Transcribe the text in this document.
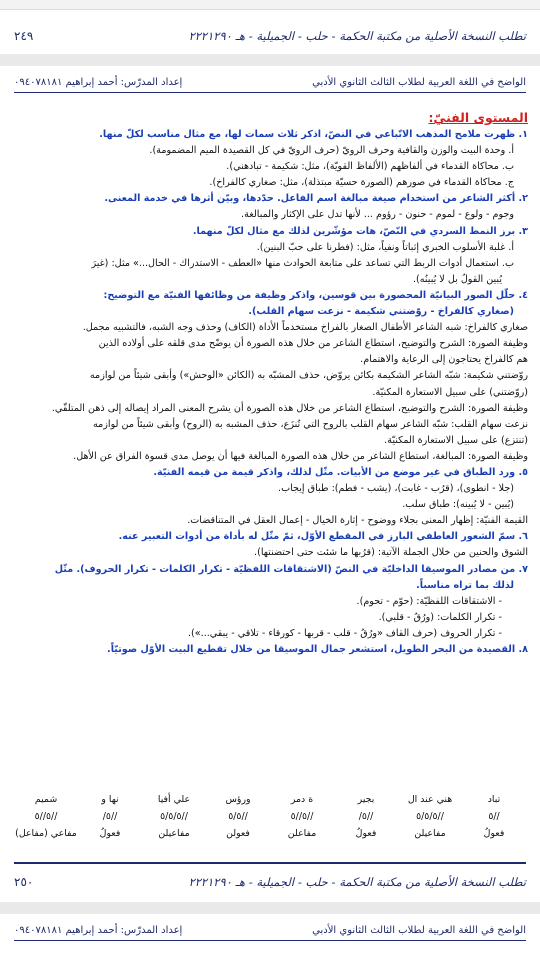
تطلب النسخة الأصلية من مكتبة الحكمة - حلب - الجميلية - هـ ٢٢٢١٢٩٠
٢٤٩
الواضح في اللغة العربية لطلاب الثالث الثانوي الأدبي
إعداد المدرّس: أحمد إبراهيم ٠٩٤٠٧٨١٨١
المستوى الفنيّ:
١. ظهرت ملامح المذهب الاتّباعي في النصّ، اذكر ثلاث سمات لها، مع مثال مناسب لكلّ منها.
أ. وحدة البيت والوزن والقافية وحرف الرويّ (حرف الرويّ في كل القصيدة الميم المضمومة).
ب. محاكاة القدماء في ألفاظهم (الألفاظ القويّة)، مثل: شكيمة - تبادهني).
ج. محاكاة القدماء في صورهم (الصورة حسيّة مبتذلة)، مثل: صغاري كالفراخ).
٢. أكثر الشاعر من استخدام صيغة مبالغة اسم الفاعل. حدّدها، وبيّن أثرها في خدمة المعنى.
وجوم - ولوع - لموم - حنون - رؤوم ... لأنها تدل على الإكثار والمبالغة.
٣. برز النمط السردي في النّصّ، هات مؤشّرين لذلك مع مثال لكلّ منهما.
أ. غلبة الأسلوب الخبري إثباتاً ونفياً، مثل: (فطرنا على حبّ البنين).
ب. استعمال أدوات الربط التي تساعد على متابعة الحوادث منها «العطف - الاستدراك - الحال...» مثل: (غيرَ
يُبين القولُ بل لا يُبينُه).
٤. حلّل الصور البيانيّة المحصورة بين قوسين، واذكر وظيفة من وظائفها الفنيّة مع التوضيح:
(صغاري كالفراخ - روّضتني شكيمة - نزعت سهام القلب).
صغاري كالفراخ: شبه الشاعر الأطفال الصغار بالفراخ مستخدماً الأداة (الكاف) وحذف وجه الشبه، فالتشبيه مجمل.
وظيفة الصورة: الشرح والتوضيح، استطاع الشاعر من خلال هذه الصورة أن يوضّح مدى قلقه على أولاده الذين
هم كالفراخ يحتاجون إلى الرعاية والاهتمام.
روّضتني شكيمة: شبّه الشاعر الشكيمة بكائن يروّض، حذف المشبّه به (الكائن «الوحش») وأبقى شيئاً من لوازمه
(روّضتني) على سبيل الاستعارة المكنيّة.
وظيفة الصورة: الشرح والتوضيح، استطاع الشاعر من خلال هذه الصورة أن يشرح المعنى المراد إيصاله إلى ذهن المتلقّي.
نزعت سهام القلب: شبّه الشاعر سهام القلب بالروح التي تُنزَع، حذف المشبه به (الروح) وأبقى شيئاً من لوازمه
(تنتزع) على سبيل الاستعارة المكنيّة.
وظيفة الصورة: المبالغة، استطاع الشاعر من خلال هذه الصورة المبالغة فيها أن يوصل مدى قسوة الفراق عن الأهل.
٥. ورد الطباق في غير موضع من الأبيات. مثّل لذلك، واذكر قيمة من قيمه الفنيّة.
(جلا - انطوى)، (قرُب - غابت)، (يشب - فطم): طباق إيجاب.
(يُبين - لا يُبينه): طباق سلب.
القيمة الفنيّة: إظهار المعنى بجلاء ووضوح - إثارة الخيال - إعمال العقل في المتناقضات.
٦. سمّ الشعور العاطفي البارز في المقطع الأوّل، ثمّ مثّل له بأداة من أدوات التعبير عنه.
الشوق والحنين من خلال الجملة الآتية: (قرُبها ما شئت حتى احتضنتها).
٧. من مصادر الموسيقا الداخليّة في النصّ (الاشتقاقات اللفظيّة - تكرار الكلمات - تكرار الحروف). مثّل
لذلك بما تراه مناسباً.
- الاشتقاقات اللفظيّة: (حوّم - تحوم).
- تكرار الكلمات: (ورُقُ - قلبي).
- تكرار الحروف (حرف القاف «ورُقُ - قلب - قربها - كورقاء - تلاقي - يبقي...»).
٨. القصيدة من البحر الطويل، استشعر جمال الموسيقا من خلال تقطيع البيت الأوّل صوتيّاً.
تباد
هني عند ال
بجير
ة دمر
ورؤس
علي أفيا
نها و
شميم
//٥
//٥/٥/٥
//٥/
//٥//٥
//٥/٥
//٥/٥/٥
//٥/
//٥//٥
فعولُ
مفاعيلن
فعولُ
مفاعلن
فعولن
مفاعيلن
فعولُ
مفاعي (مفاعل)
تطلب النسخة الأصلية من مكتبة الحكمة - حلب - الجميلية - هـ ٢٢٢١٢٩٠
٢٥٠
الواضح في اللغة العربية لطلاب الثالث الثانوي الأدبي
إعداد المدرّس: أحمد إبراهيم ٠٩٤٠٧٨١٨١
